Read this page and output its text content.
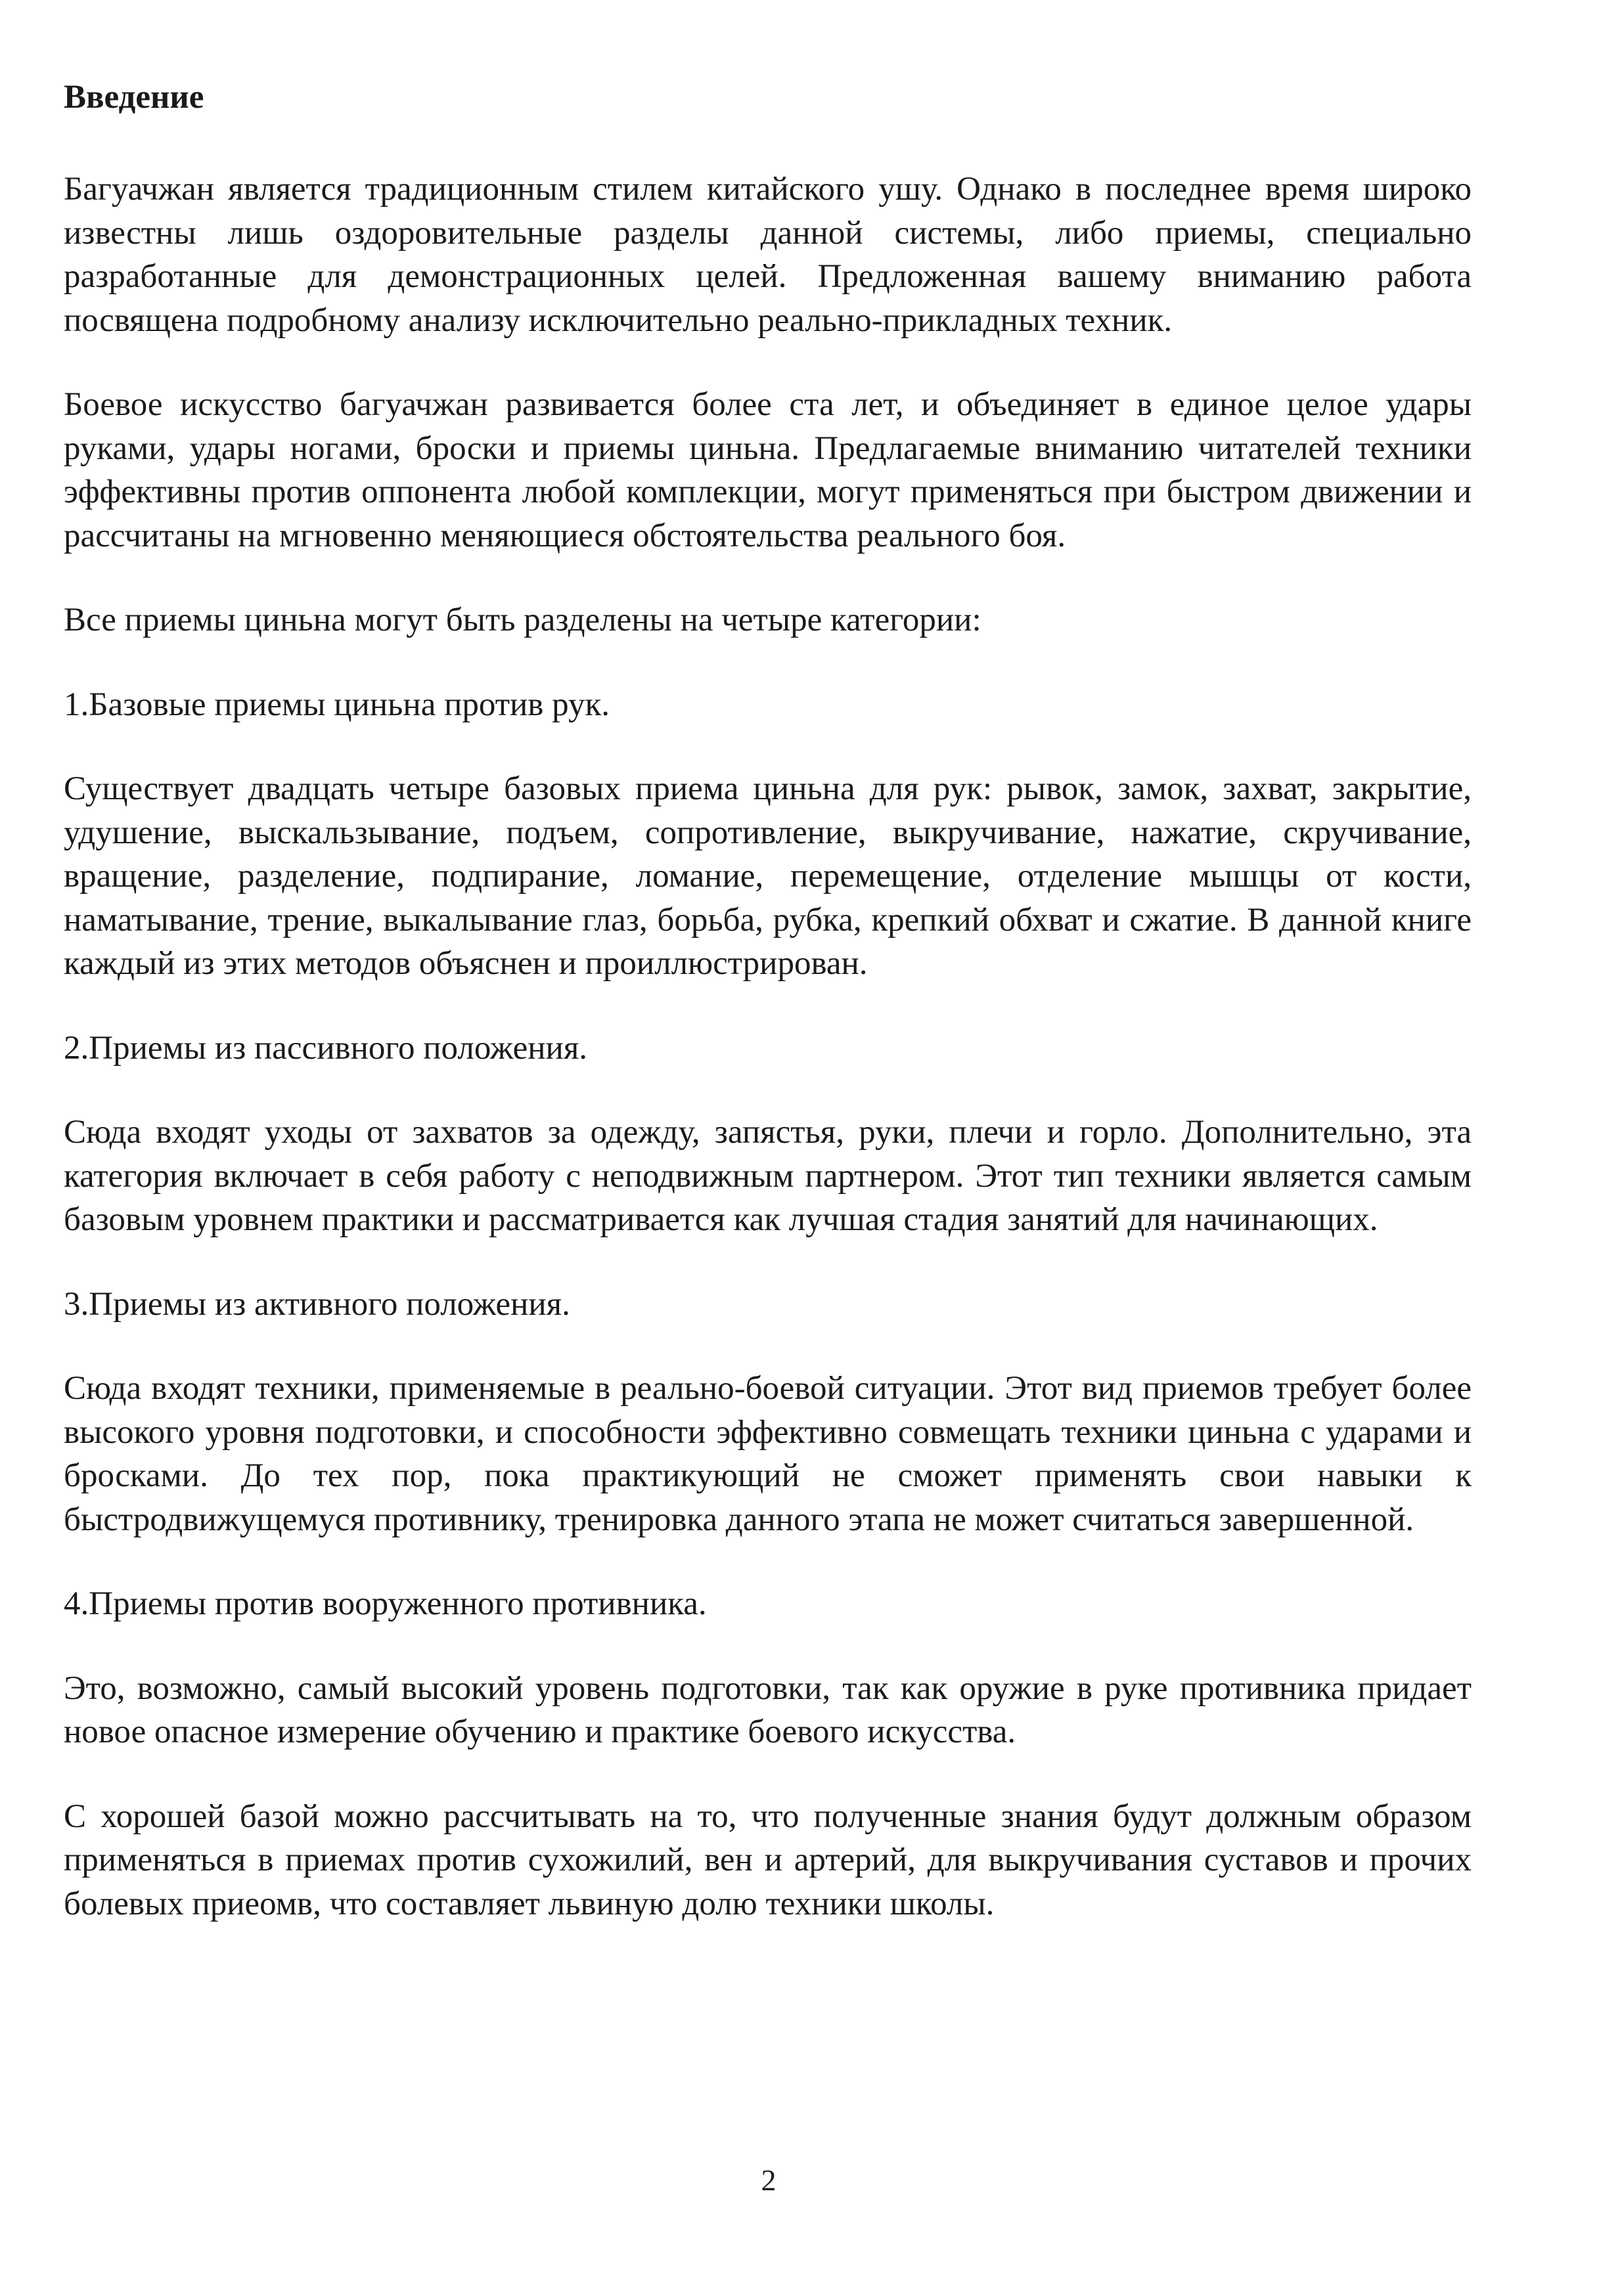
Введение

Багуачжан является традиционным стилем китайского ушу. Однако в последнее время широко известны лишь оздоровительные разделы данной системы, либо приемы, специально разработанные для демонстрационных целей. Предложенная вашему вниманию работа посвящена подробному анализу исключительно реально-прикладных техник.

Боевое искусство багуачжан развивается более ста лет, и объединяет в единое целое удары руками, удары ногами, броски и приемы циньна. Предлагаемые вниманию читателей техники эффективны против оппонента любой комплекции, могут применяться при быстром движении и рассчитаны на мгновенно меняющиеся обстоятельства реального боя.

Все приемы циньна могут быть разделены на четыре категории:

1.Базовые приемы циньна против рук.

Существует двадцать четыре базовых приема циньна для рук: рывок, замок, захват, закрытие, удушение, выскальзывание, подъем, сопротивление, выкручивание, нажатие, скручивание, вращение, разделение, подпирание, ломание, перемещение, отделение мышцы от кости, наматывание, трение, выкалывание глаз, борьба, рубка, крепкий обхват и сжатие. В данной книге каждый из этих методов объяснен и проиллюстрирован.

2.Приемы из пассивного положения.

Сюда входят уходы от захватов за одежду, запястья, руки, плечи и горло. Дополнительно, эта категория включает в себя работу с неподвижным партнером. Этот тип техники является самым базовым уровнем практики и рассматривается как лучшая стадия занятий для начинающих.

3.Приемы из активного положения.

Сюда входят техники, применяемые в реально-боевой ситуации. Этот вид приемов требует более высокого уровня подготовки, и способности эффективно совмещать техники циньна с ударами и бросками. До тех пор, пока практикующий не сможет применять свои навыки к быстродвижущемуся противнику, тренировка данного этапа не может считаться завершенной.

4.Приемы против вооруженного противника.

Это, возможно, самый высокий уровень подготовки, так как оружие в руке противника придает новое опасное измерение обучению и практике боевого искусства.

С хорошей базой можно рассчитывать на то, что полученные знания будут должным образом применяться в приемах против сухожилий, вен и артерий, для выкручивания суставов и прочих болевых приеомв, что составляет львиную долю техники школы.

2
